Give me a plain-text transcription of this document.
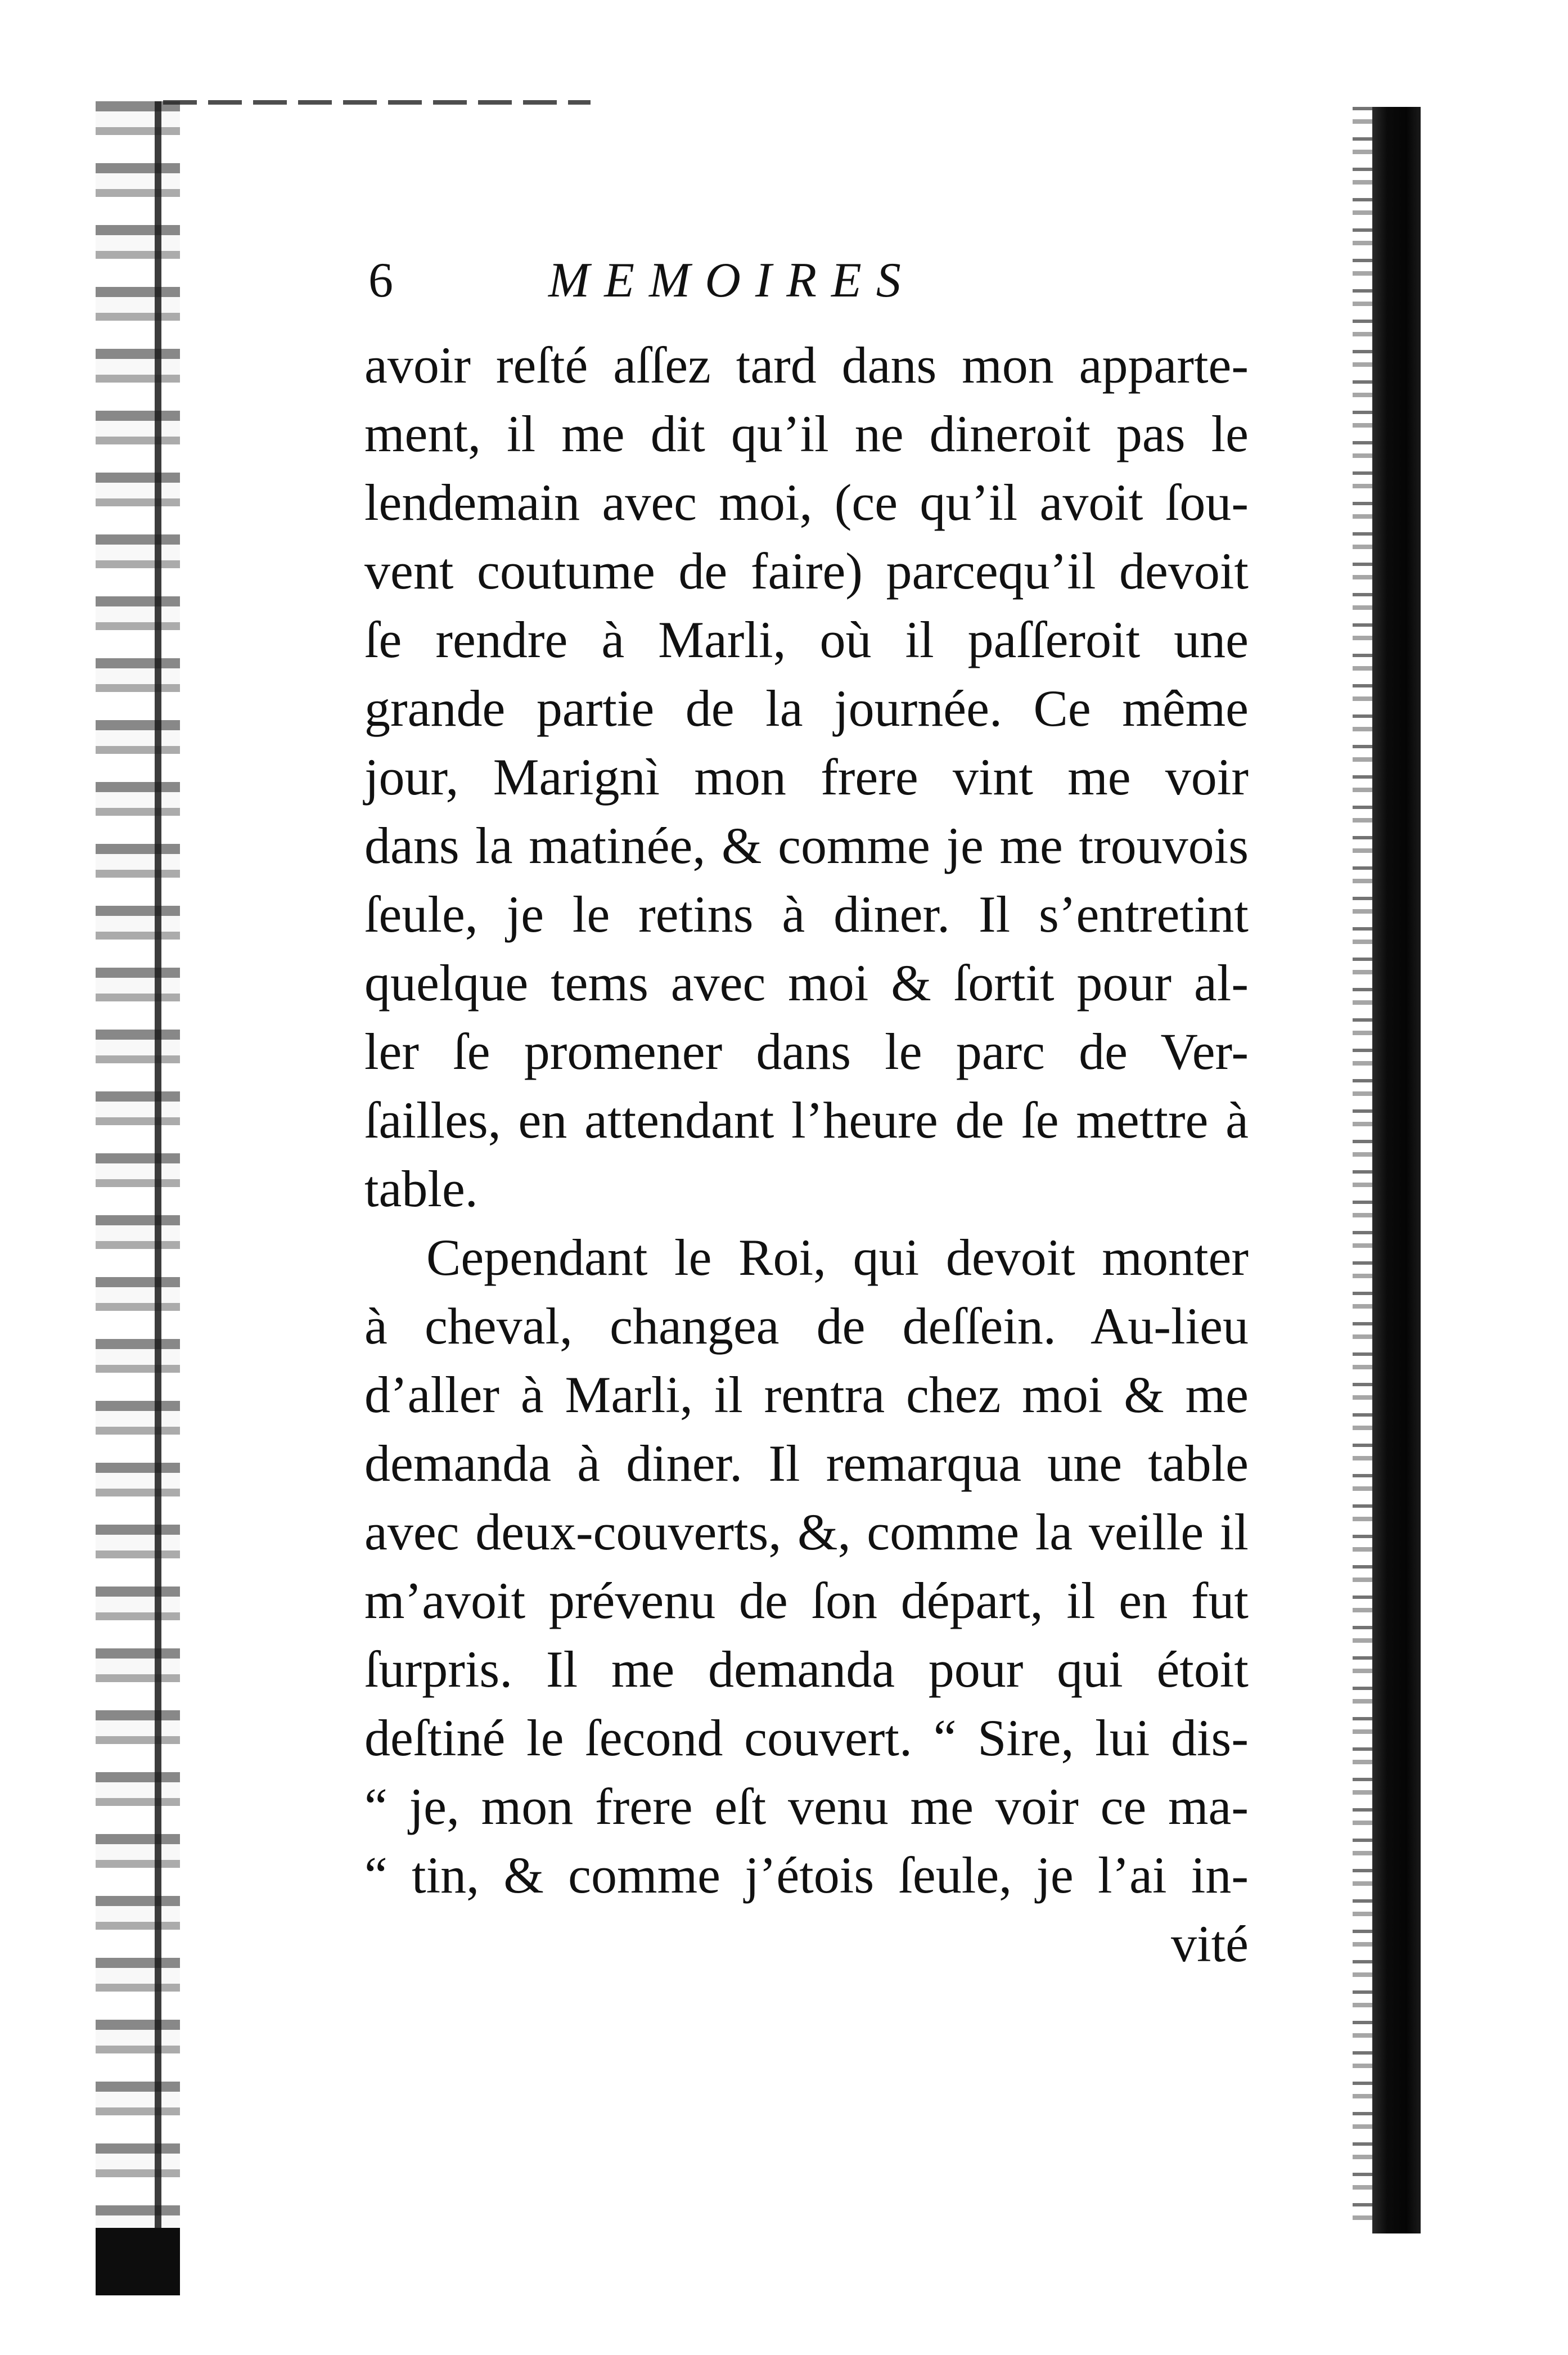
6	MEMOIRES
avoir reſté aſſez tard dans mon apparte-
ment, il me dit qu’il ne dineroit pas le
lendemain avec moi, (ce qu’il avoit ſou-
vent coutume de faire) parcequ’il devoit
ſe rendre à Marli, où il paſſeroit une
grande partie de la journée. Ce même
jour, Marignì mon frere vint me voir
dans la matinée, & comme je me trouvois
ſeule, je le retins à diner. Il s’entretint
quelque tems avec moi & ſortit pour al-
ler ſe promener dans le parc de Ver-
ſailles, en attendant l’heure de ſe mettre à
table.
Cependant le Roi, qui devoit monter
à cheval, changea de deſſein. Au-lieu
d’aller à Marli, il rentra chez moi & me
demanda à diner. Il remarqua une table
avec deux-couverts, &, comme la veille il
m’avoit prévenu de ſon départ, il en fut
ſurpris. Il me demanda pour qui étoit
deſtiné le ſecond couvert. “ Sire, lui dis-
“ je, mon frere eſt venu me voir ce ma-
“ tin, & comme j’étois ſeule, je l’ai in-
vité
